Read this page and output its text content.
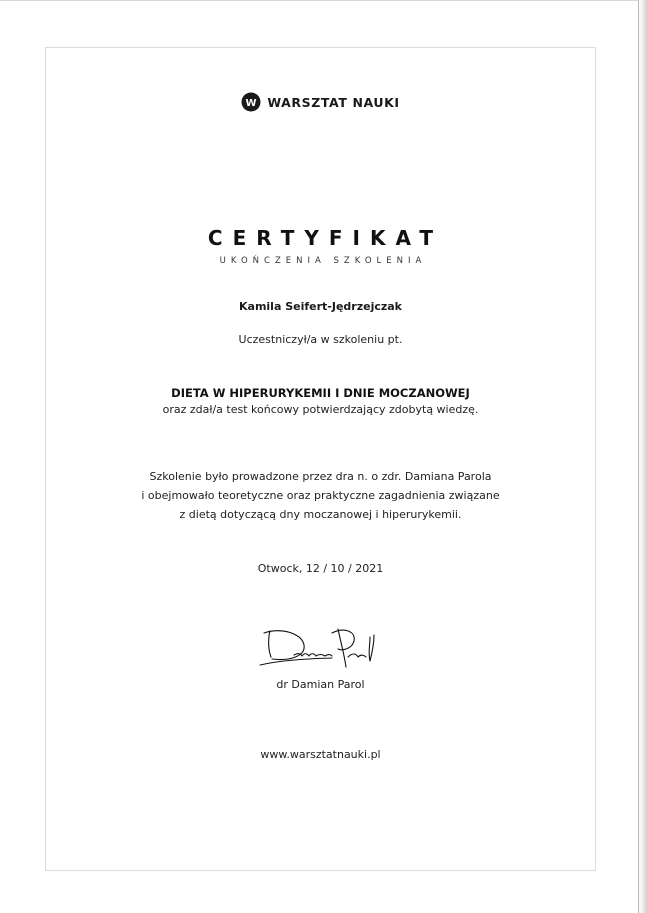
W WARSZTAT NAUKI
CERTYFIKAT
UKOŃCZENIA SZKOLENIA
Kamila Seifert-Jędrzejczak
Uczestniczył/a w szkoleniu pt.
DIETA W HIPERURYKEMII I DNIE MOCZANOWEJ
oraz zdał/a test końcowy potwierdzający zdobytą wiedzę.
Szkolenie było prowadzone przez dra n. o zdr. Damiana Parola
i obejmowało teoretyczne oraz praktyczne zagadnienia związane
z dietą dotyczącą dny moczanowej i hiperurykemii.
Otwock, 12 / 10 / 2021
dr Damian Parol
www.warsztatnauki.pl
